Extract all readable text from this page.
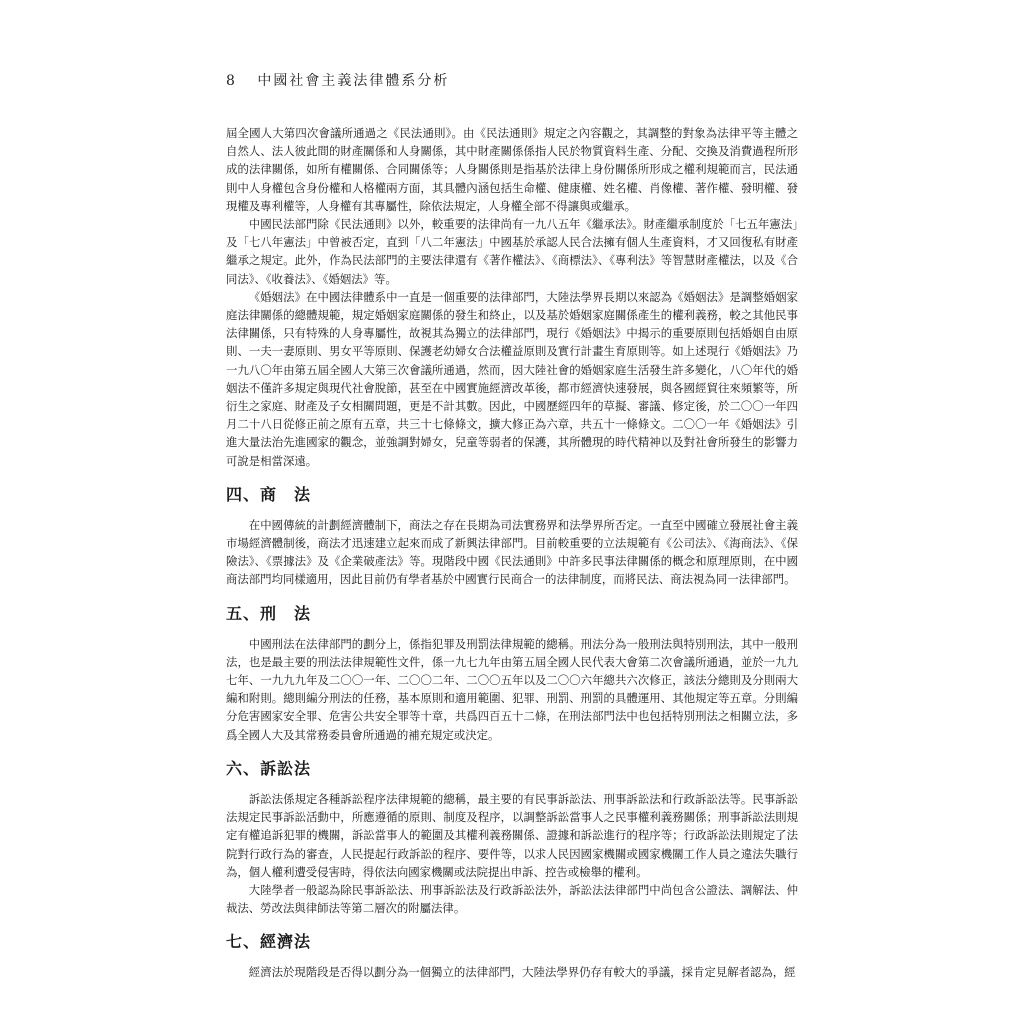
8 中國社會主義法律體系分析

屆全國人大第四次會議所通過之《民法通則》。由《民法通則》規定之內容觀之，其調整的對象為法律平等主體之自然人、法人彼此間的財產關係和人身關係，其中財產關係係指人民於物質資料生產、分配、交換及消費過程所形成的法律關係，如所有權關係、合同關係等；人身關係則是指基於法律上身份關係所形成之權利規範而言，民法通則中人身權包含身份權和人格權兩方面，其具體內涵包括生命權、健康權、姓名權、肖像權、著作權、發明權、發現權及專利權等，人身權有其專屬性，除依法規定，人身權全部不得讓與或繼承。

中國民法部門除《民法通則》以外，較重要的法律尚有一九八五年《繼承法》。財產繼承制度於「七五年憲法」及「七八年憲法」中曾被否定，直到「八二年憲法」中國基於承認人民合法擁有個人生產資料，才又回復私有財產繼承之規定。此外，作為民法部門的主要法律還有《著作權法》、《商標法》、《專利法》等智慧財產權法，以及《合同法》、《收養法》、《婚姻法》等。

《婚姻法》在中國法律體系中一直是一個重要的法律部門，大陸法學界長期以來認為《婚姻法》是調整婚姻家庭法律關係的總體規範，規定婚姻家庭關係的發生和終止，以及基於婚姻家庭關係產生的權利義務，較之其他民事法律關係，只有特殊的人身專屬性，故視其為獨立的法律部門，現行《婚姻法》中揭示的重要原則包括婚姻自由原則、一夫一妻原則、男女平等原則、保護老幼婦女合法權益原則及實行計畫生育原則等。如上述現行《婚姻法》乃一九八〇年由第五屆全國人大第三次會議所通過，然而，因大陸社會的婚姻家庭生活發生許多變化，八〇年代的婚姻法不僅許多規定與現代社會脫節，甚至在中國實施經濟改革後，都市經濟快速發展，與各國經貿往來頻繁等，所衍生之家庭、財產及子女相關問題，更是不計其數。因此，中國歷經四年的草擬、審議、修定後，於二〇〇一年四月二十八日從修正前之原有五章，共三十七條條文，擴大修正為六章，共五十一條條文。二〇〇一年《婚姻法》引進大量法治先進國家的觀念，並強調對婦女，兒童等弱者的保護，其所體現的時代精神以及對社會所發生的影響力可說是相當深遠。

四、商　法

在中國傳統的計劃經濟體制下，商法之存在長期為司法實務界和法學界所否定。一直至中國確立發展社會主義市場經濟體制後，商法才迅速建立起來而成了新興法律部門。目前較重要的立法規範有《公司法》、《海商法》、《保險法》、《票據法》及《企業破產法》等。現階段中國《民法通則》中許多民事法律關係的概念和原理原則，在中國商法部門均同樣適用，因此目前仍有學者基於中國實行民商合一的法律制度，而將民法、商法視為同一法律部門。

五、刑　法

中國刑法在法律部門的劃分上，係指犯罪及刑罰法律規範的總稱。刑法分為一般刑法與特別刑法，其中一般刑法，也是最主要的刑法法律規範性文件，係一九七九年由第五屆全國人民代表大會第二次會議所通過，並於一九九七年、一九九九年及二〇〇一年、二〇〇二年、二〇〇五年以及二〇〇六年總共六次修正，該法分總則及分則兩大編和附則。總則編分刑法的任務，基本原則和適用範圍、犯罪、刑罰、刑罰的具體運用、其他規定等五章。分則編分危害國家安全罪、危害公共安全罪等十章，共爲四百五十二條，在刑法部門法中也包括特別刑法之相關立法，多爲全國人大及其常務委員會所通過的補充規定或決定。

六、訴訟法

訴訟法係規定各種訴訟程序法律規範的總稱，最主要的有民事訴訟法、刑事訴訟法和行政訴訟法等。民事訴訟法規定民事訴訟活動中，所應遵循的原則、制度及程序，以調整訴訟當事人之民事權利義務關係；刑事訴訟法則規定有權追訴犯罪的機關，訴訟當事人的範圍及其權利義務關係、證據和訴訟進行的程序等；行政訴訟法則規定了法院對行政行為的審查，人民提起行政訴訟的程序、要件等，以求人民因國家機關或國家機關工作人員之違法失職行為，個人權利遭受侵害時，得依法向國家機關或法院提出申訴、控告或檢舉的權利。

大陸學者一般認為除民事訴訟法、刑事訴訟法及行政訴訟法外，訴訟法法律部門中尚包含公證法、調解法、仲裁法、勞改法與律師法等第二層次的附屬法律。

七、經濟法

經濟法於現階段是否得以劃分為一個獨立的法律部門，大陸法學界仍存有較大的爭議，採肯定見解者認為，經
